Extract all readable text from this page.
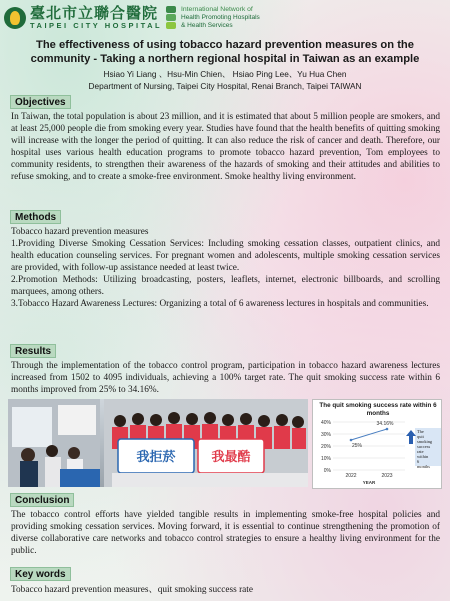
臺北市立聯合醫院
TAIPEI CITY HOSPITAL
International Network of
Health Promoting Hospitals
& Health Services
The effectiveness of using tobacco hazard prevention measures on the
community - Taking a northern regional hospital in Taiwan as an example
Hsiao Yi Liang 、Hsu-Min Chien、 Hsiao Ping Lee、Yu Hua Chen
Department of Nursing, Taipei City Hospital, Renai Branch, Taipei TAIWAN
Objectives

In Taiwan, the total population is about 23 million, and it is estimated that about 5 million people are smokers, and at least 25,000 people die from smoking every year. Studies have found that the health benefits of quitting smoking will increase with the longer the period of quitting. It can also reduce the risk of cancer and death. Therefore, our hospital uses various health education programs to promote tobacco hazard prevention, Tom employees to community residents, to strengthen their awareness of the hazards of smoking and their attitudes and abilities to refuse smoking, and to create a smoke-free environment. Smoke healthy living environment.

Methods

Tobacco hazard prevention measures

1.Providing Diverse Smoking Cessation Services: Including smoking cessation classes, outpatient clinics, and health education counseling services. For pregnant women and adolescents, multiple smoking cessation services are provided, with follow-up assistance needed at least twice.

2.Promotion Methods: Utilizing broadcasting, posters, leaflets, internet, electronic billboards, and scrolling marquees, among others.

3.Tobacco Hazard Awareness Lectures: Organizing a total of 6 awareness lectures in hospitals and communities.

Results

Through the implementation of the tobacco control program, participation in tobacco hazard awareness lectures increased from 1502 to 4095 individuals, achieving a 100% target rate. The quit smoking success rate within 6 months improved from 25% to 34.16%.

我拒菸	我最酷
The quit smoking success rate within 6 months
0%
10%
20%
30%
40%
2022	2023
YEAR
25%
34.16%
The quit smoking success rate within 6 months
Conclusion

The tobacco control efforts have yielded tangible results in implementing smoke-free hospital policies and providing smoking cessation services. Moving forward, it is essential to continue strengthening the promotion of diverse collaborative care networks and tobacco control strategies to ensure a healthy living environment for the public.

Key words

Tobacco hazard prevention measures、quit smoking success rate
